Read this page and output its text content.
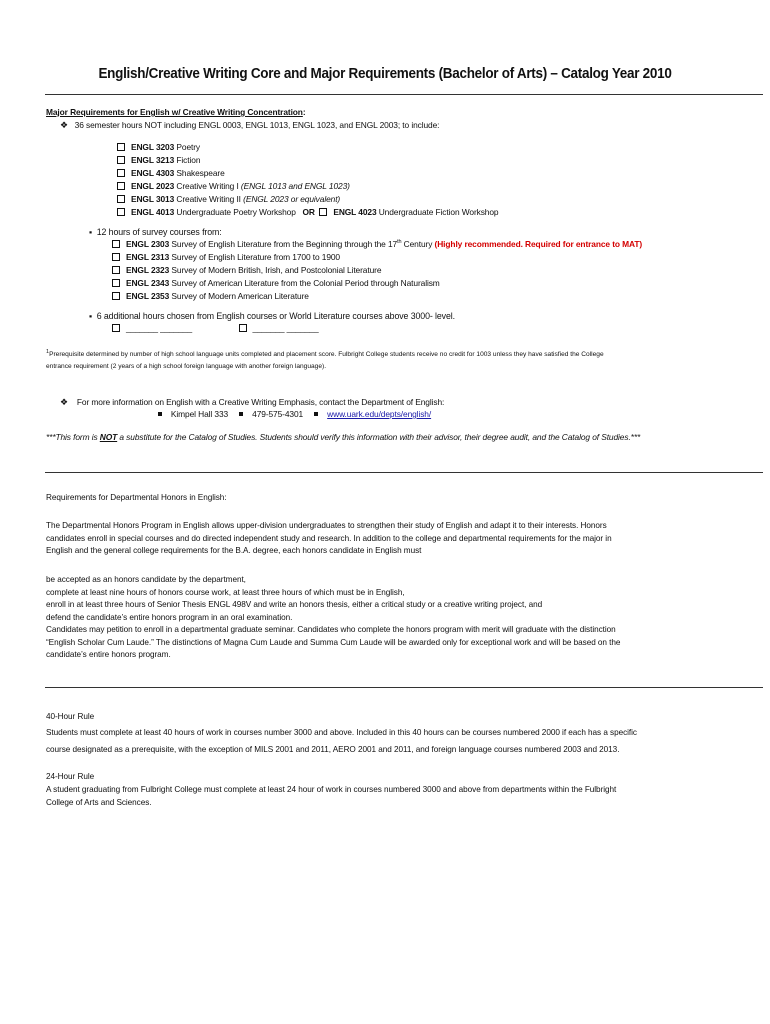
English/Creative Writing Core and Major Requirements (Bachelor of Arts) – Catalog Year 2010
Major Requirements for English w/ Creative Writing Concentration:
❖ 36 semester hours NOT including ENGL 0003, ENGL 1013, ENGL 1023, and ENGL 2003; to include:
ENGL 3203 Poetry
ENGL 3213 Fiction
ENGL 4303 Shakespeare
ENGL 2023 Creative Writing I (ENGL 1013 and ENGL 1023)
ENGL 3013 Creative Writing II (ENGL 2023 or equivalent)
ENGL 4013 Undergraduate Poetry Workshop OR ENGL 4023 Undergraduate Fiction Workshop
▪  12 hours of survey courses from:
ENGL 2303 Survey of English Literature from the Beginning through the 17th Century (Highly recommended. Required for entrance to MAT)
ENGL 2313 Survey of English Literature from 1700 to 1900
ENGL 2323 Survey of Modern British, Irish, and Postcolonial Literature
ENGL 2343 Survey of American Literature from the Colonial Period through Naturalism
ENGL 2353 Survey of Modern American Literature
▪  6 additional hours chosen from English courses or World Literature courses above 3000- level.
_______ _______	_______ _______
$^1$Prerequisite determined by number of high school language units completed and placement score. Fulbright College students receive no credit for 1003 unless they have satisfied the College
entrance requirement (2 years of a high school foreign language with another foreign language).
❖ For more information on English with a Creative Writing Emphasis, contact the Department of English:
Kimpel Hall 333	479-575-4301	www.uark.edu/depts/english/
***This form is NOT a substitute for the Catalog of Studies. Students should verify this information with their advisor, their degree audit, and the Catalog of Studies.***
Requirements for Departmental Honors in English:
The Departmental Honors Program in English allows upper-division undergraduates to strengthen their study of English and adapt it to their interests. Honors
candidates enroll in special courses and do directed independent study and research. In addition to the college and departmental requirements for the major in
English and the general college requirements for the B.A. degree, each honors candidate in English must
be accepted as an honors candidate by the department,
complete at least nine hours of honors course work, at least three hours of which must be in English,
enroll in at least three hours of Senior Thesis ENGL 498V and write an honors thesis, either a critical study or a creative writing project, and
defend the candidate’s entire honors program in an oral examination.
Candidates may petition to enroll in a departmental graduate seminar. Candidates who complete the honors program with merit will graduate with the distinction
“English Scholar Cum Laude.” The distinctions of Magna Cum Laude and Summa Cum Laude will be awarded only for exceptional work and will be based on the
candidate’s entire honors program.
40-Hour Rule
Students must complete at least 40 hours of work in courses number 3000 and above. Included in this 40 hours can be courses numbered 2000 if each has a specific
course designated as a prerequisite, with the exception of MILS 2001 and 2011, AERO 2001 and 2011, and foreign language courses numbered 2003 and 2013.
24-Hour Rule
A student graduating from Fulbright College must complete at least 24 hour of work in courses numbered 3000 and above from departments within the Fulbright
College of Arts and Sciences.
